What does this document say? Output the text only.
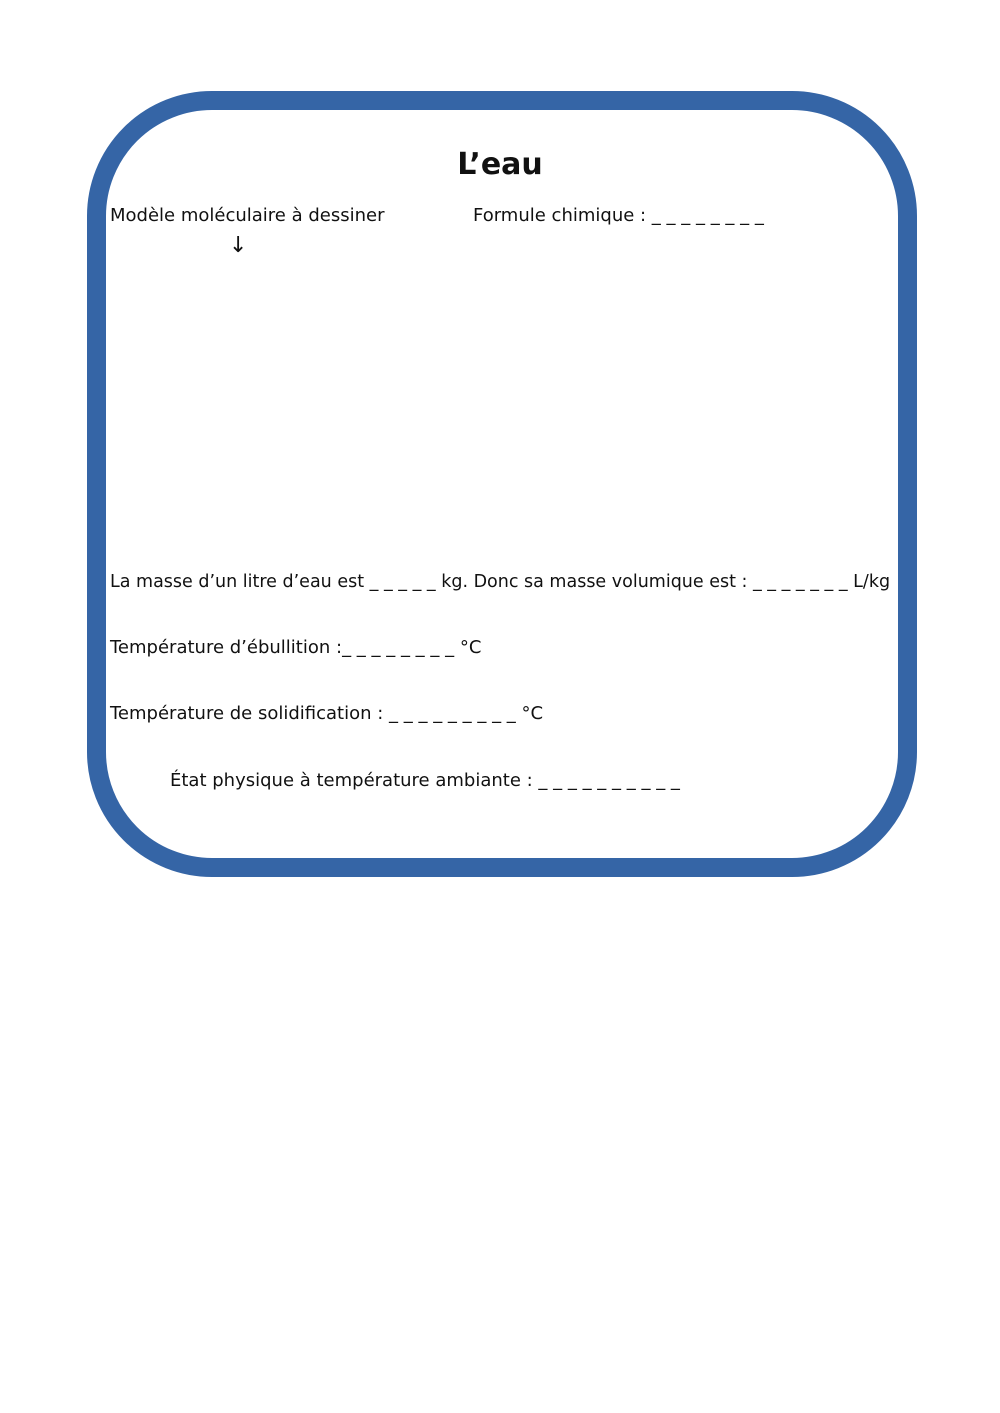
L’eau
Modèle moléculaire à dessiner	Formule chimique : _ _ _ _ _ _ _ _
↓
La masse d’un litre d’eau est _ _ _ _ _ kg. Donc sa masse volumique est : _ _ _ _ _ _ _ L/kg
Température d’ébullition :_ _ _ _ _ _ _ _ °C
Température de solidification : _ _ _ _ _ _ _ _ _ °C
État physique à température ambiante : _ _ _ _ _ _ _ _ _ _
